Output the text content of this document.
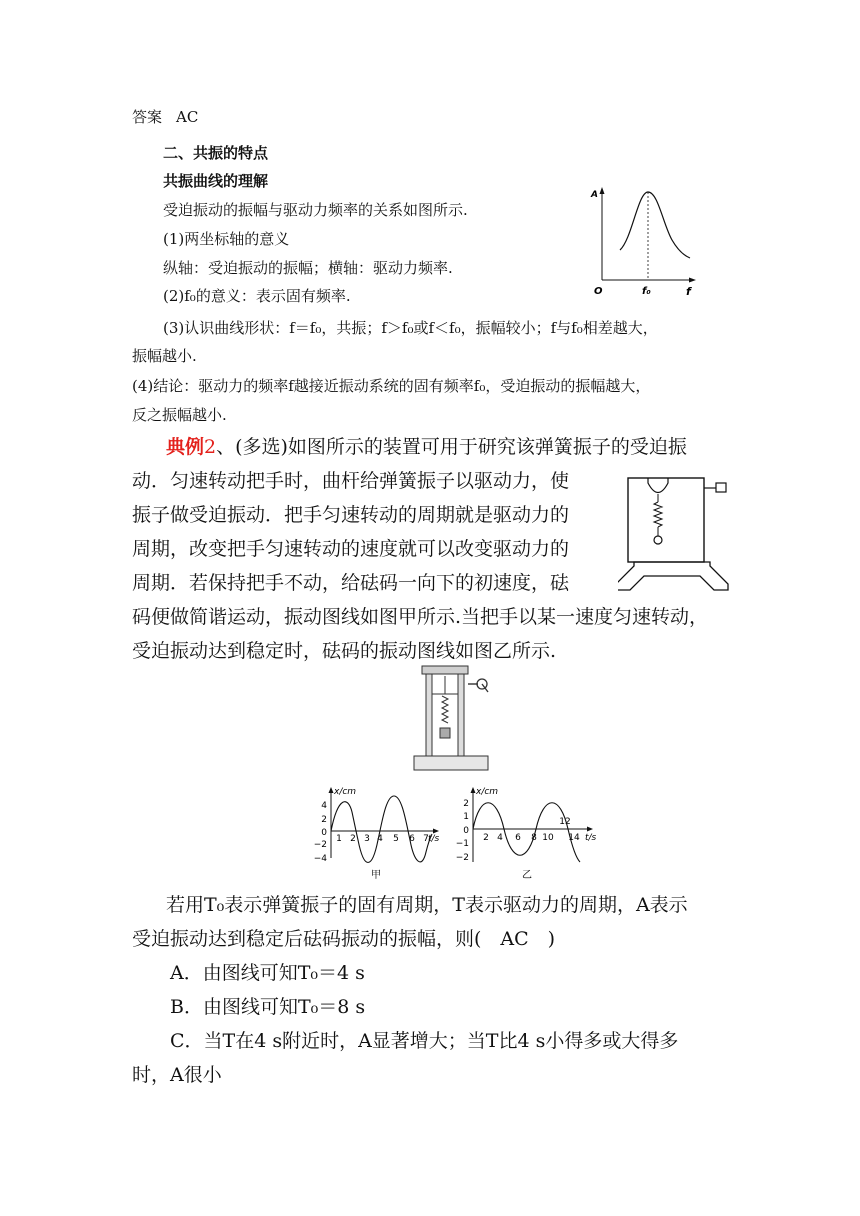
答案 AC
二、共振的特点
共振曲线的理解
受迫振动的振幅与驱动力频率的关系如图所示.
(1)两坐标轴的意义
纵轴：受迫振动的振幅；横轴：驱动力频率.
(2)f₀的意义：表示固有频率.
(3)认识曲线形状：f＝f₀，共振；f＞f₀或f＜f₀，振幅较小；f与f₀相差越大，
振幅越小.
(4)结论：驱动力的频率f越接近振动系统的固有频率f₀，受迫振动的振幅越大，
反之振幅越小.
A
O	f₀	f
典例2、(多选)如图所示的装置可用于研究该弹簧振子的受迫振
动．匀速转动把手时，曲杆给弹簧振子以驱动力，使
振子做受迫振动．把手匀速转动的周期就是驱动力的
周期，改变把手匀速转动的速度就可以改变驱动力的
周期．若保持把手不动，给砝码一向下的初速度，砝
码便做简谐运动，振动图线如图甲所示.当把手以某一速度匀速转动，
受迫振动达到稳定时，砝码的振动图线如图乙所示.
x/cm
t/s
4
2
0
−2
−4
1 2 3 4 5 6 7
甲
x/cm
t/s
2
1
0
−1
−2
2 4 6 8 10
12
14
乙
若用T₀表示弹簧振子的固有周期，T表示驱动力的周期，A表示
受迫振动达到稳定后砝码振动的振幅，则(　AC　)
A．由图线可知T₀＝4 s
B．由图线可知T₀＝8 s
C．当T在4 s附近时，A显著增大；当T比4 s小得多或大得多
时，A很小
